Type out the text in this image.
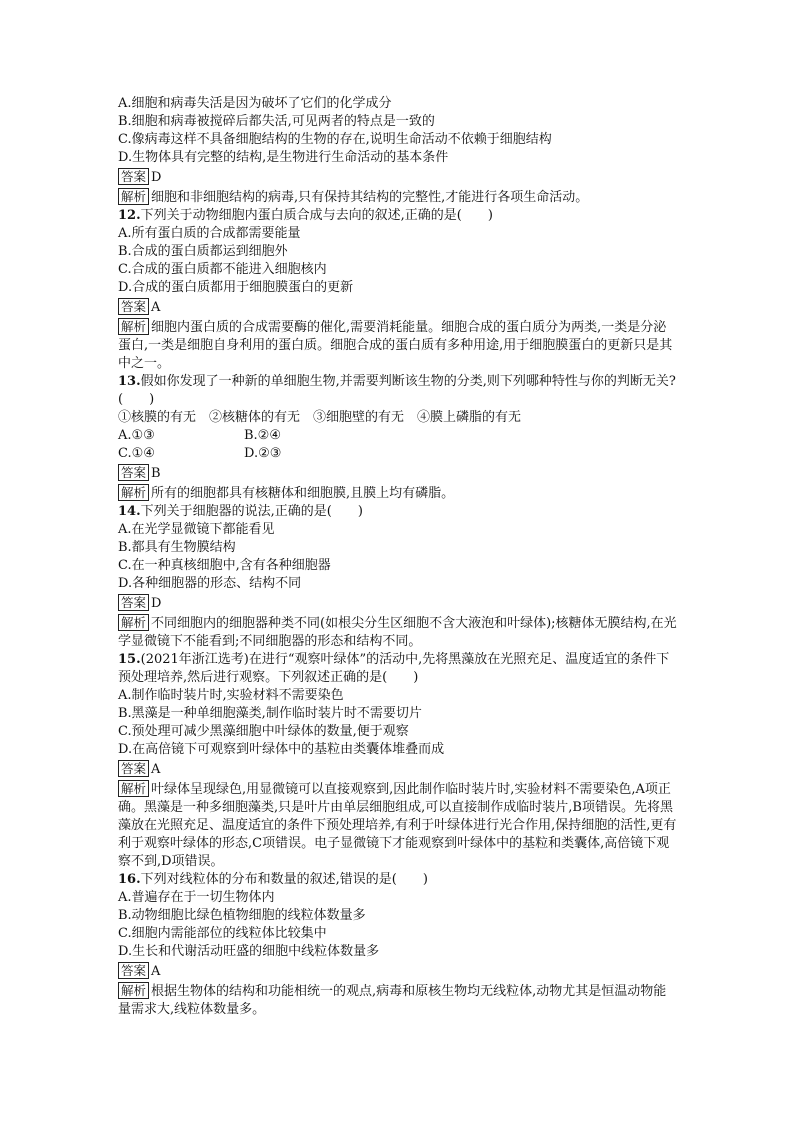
A.细胞和病毒失活是因为破坏了它们的化学成分
B.细胞和病毒被搅碎后都失活,可见两者的特点是一致的
C.像病毒这样不具备细胞结构的生物的存在,说明生命活动不依赖于细胞结构
D.生物体具有完整的结构,是生物进行生命活动的基本条件
答案 D
解析 细胞和非细胞结构的病毒,只有保持其结构的完整性,才能进行各项生命活动。
12.下列关于动物细胞内蛋白质合成与去向的叙述,正确的是(　　)
A.所有蛋白质的合成都需要能量
B.合成的蛋白质都运到细胞外
C.合成的蛋白质都不能进入细胞核内
D.合成的蛋白质都用于细胞膜蛋白的更新
答案 A
解析 细胞内蛋白质的合成需要酶的催化,需要消耗能量。细胞合成的蛋白质分为两类,一类是分泌蛋白,一类是细胞自身利用的蛋白质。细胞合成的蛋白质有多种用途,用于细胞膜蛋白的更新只是其中之一。
13.假如你发现了一种新的单细胞生物,并需要判断该生物的分类,则下列哪种特性与你的判断无关?(　　)
①核膜的有无　②核糖体的有无　③细胞壁的有无　④膜上磷脂的有无
A.①③	B.②④
C.①④	D.②③
答案 B
解析 所有的细胞都具有核糖体和细胞膜,且膜上均有磷脂。
14.下列关于细胞器的说法,正确的是(　　)
A.在光学显微镜下都能看见
B.都具有生物膜结构
C.在一种真核细胞中,含有各种细胞器
D.各种细胞器的形态、结构不同
答案 D
解析 不同细胞内的细胞器种类不同(如根尖分生区细胞不含大液泡和叶绿体);核糖体无膜结构,在光学显微镜下不能看到;不同细胞器的形态和结构不同。
15.(2021年浙江选考)在进行“观察叶绿体”的活动中,先将黑藻放在光照充足、温度适宜的条件下预处理培养,然后进行观察。下列叙述正确的是(　　)
A.制作临时装片时,实验材料不需要染色
B.黑藻是一种单细胞藻类,制作临时装片时不需要切片
C.预处理可减少黑藻细胞中叶绿体的数量,便于观察
D.在高倍镜下可观察到叶绿体中的基粒由类囊体堆叠而成
答案 A
解析 叶绿体呈现绿色,用显微镜可以直接观察到,因此制作临时装片时,实验材料不需要染色,A项正确。黑藻是一种多细胞藻类,只是叶片由单层细胞组成,可以直接制作成临时装片,B项错误。先将黑藻放在光照充足、温度适宜的条件下预处理培养,有利于叶绿体进行光合作用,保持细胞的活性,更有利于观察叶绿体的形态,C项错误。电子显微镜下才能观察到叶绿体中的基粒和类囊体,高倍镜下观察不到,D项错误。
16.下列对线粒体的分布和数量的叙述,错误的是(　　)
A.普遍存在于一切生物体内
B.动物细胞比绿色植物细胞的线粒体数量多
C.细胞内需能部位的线粒体比较集中
D.生长和代谢活动旺盛的细胞中线粒体数量多
答案 A
解析 根据生物体的结构和功能相统一的观点,病毒和原核生物均无线粒体,动物尤其是恒温动物能量需求大,线粒体数量多。
